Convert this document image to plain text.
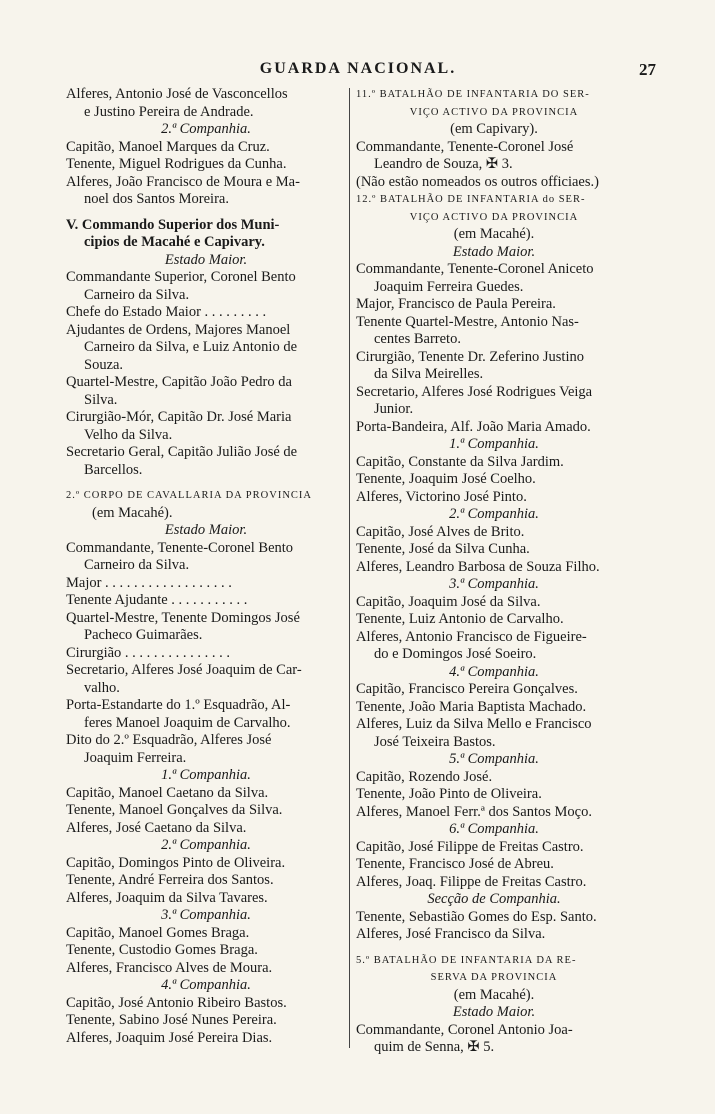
GUARDA NACIONAL.	27
Alferes, Antonio José de Vasconcellos
e Justino Pereira de Andrade.
2.ª Companhia.
Capitão, Manoel Marques da Cruz.
Tenente, Miguel Rodrigues da Cunha.
Alferes, João Francisco de Moura e Ma-
noel dos Santos Moreira.
V. Commando Superior dos Muni-
cipios de Macahé e Capivary.
Estado Maior.
Commandante Superior, Coronel Bento
Carneiro da Silva.
Chefe do Estado Maior . . . . . . . . .
Ajudantes de Ordens, Majores Manoel
Carneiro da Silva, e Luiz Antonio de
Souza.
Quartel-Mestre, Capitão João Pedro da
Silva.
Cirurgião-Mór, Capitão Dr. José Maria
Velho da Silva.
Secretario Geral, Capitão Julião José de
Barcellos.
2.º CORPO DE CAVALLARIA DA PROVINCIA
(em Macahé).
Estado Maior.
Commandante, Tenente-Coronel Bento
Carneiro da Silva.
Major . . . . . . . . . . . . . . . . . .
Tenente Ajudante . . . . . . . . . . .
Quartel-Mestre, Tenente Domingos José
Pacheco Guimarães.
Cirurgião . . . . . . . . . . . . . . .
Secretario, Alferes José Joaquim de Car-
valho.
Porta-Estandarte do 1.º Esquadrão, Al-
feres Manoel Joaquim de Carvalho.
Dito do 2.º Esquadrão, Alferes José
Joaquim Ferreira.
1.ª Companhia.
Capitão, Manoel Caetano da Silva.
Tenente, Manoel Gonçalves da Silva.
Alferes, José Caetano da Silva.
2.ª Companhia.
Capitão, Domingos Pinto de Oliveira.
Tenente, André Ferreira dos Santos.
Alferes, Joaquim da Silva Tavares.
3.ª Companhia.
Capitão, Manoel Gomes Braga.
Tenente, Custodio Gomes Braga.
Alferes, Francisco Alves de Moura.
4.ª Companhia.
Capitão, José Antonio Ribeiro Bastos.
Tenente, Sabino José Nunes Pereira.
Alferes, Joaquim José Pereira Dias.
11.º BATALHÃO DE INFANTARIA DO SER-
VIÇO ACTIVO DA PROVINCIA
(em Capivary).
Commandante, Tenente-Coronel José
Leandro de Souza, ✠ 3.
(Não estão nomeados os outros officiaes.)
12.º BATALHÃO DE INFANTARIA do SER-
VIÇO ACTIVO DA PROVINCIA
(em Macahé).
Estado Maior.
Commandante, Tenente-Coronel Aniceto
Joaquim Ferreira Guedes.
Major, Francisco de Paula Pereira.
Tenente Quartel-Mestre, Antonio Nas-
centes Barreto.
Cirurgião, Tenente Dr. Zeferino Justino
da Silva Meirelles.
Secretario, Alferes José Rodrigues Veiga
Junior.
Porta-Bandeira, Alf. João Maria Amado.
1.ª Companhia.
Capitão, Constante da Silva Jardim.
Tenente, Joaquim José Coelho.
Alferes, Victorino José Pinto.
2.ª Companhia.
Capitão, José Alves de Brito.
Tenente, José da Silva Cunha.
Alferes, Leandro Barbosa de Souza Filho.
3.ª Companhia.
Capitão, Joaquim José da Silva.
Tenente, Luiz Antonio de Carvalho.
Alferes, Antonio Francisco de Figueire-
do e Domingos José Soeiro.
4.ª Companhia.
Capitão, Francisco Pereira Gonçalves.
Tenente, João Maria Baptista Machado.
Alferes, Luiz da Silva Mello e Francisco
José Teixeira Bastos.
5.ª Companhia.
Capitão, Rozendo José.
Tenente, João Pinto de Oliveira.
Alferes, Manoel Ferr.ª dos Santos Moço.
6.ª Companhia.
Capitão, José Filippe de Freitas Castro.
Tenente, Francisco José de Abreu.
Alferes, Joaq. Filippe de Freitas Castro.
Secção de Companhia.
Tenente, Sebastião Gomes do Esp. Santo.
Alferes, José Francisco da Silva.
5.º BATALHÃO DE INFANTARIA DA RE-
SERVA DA PROVINCIA
(em Macahé).
Estado Maior.
Commandante, Coronel Antonio Joa-
quim de Senna, ✠ 5.
